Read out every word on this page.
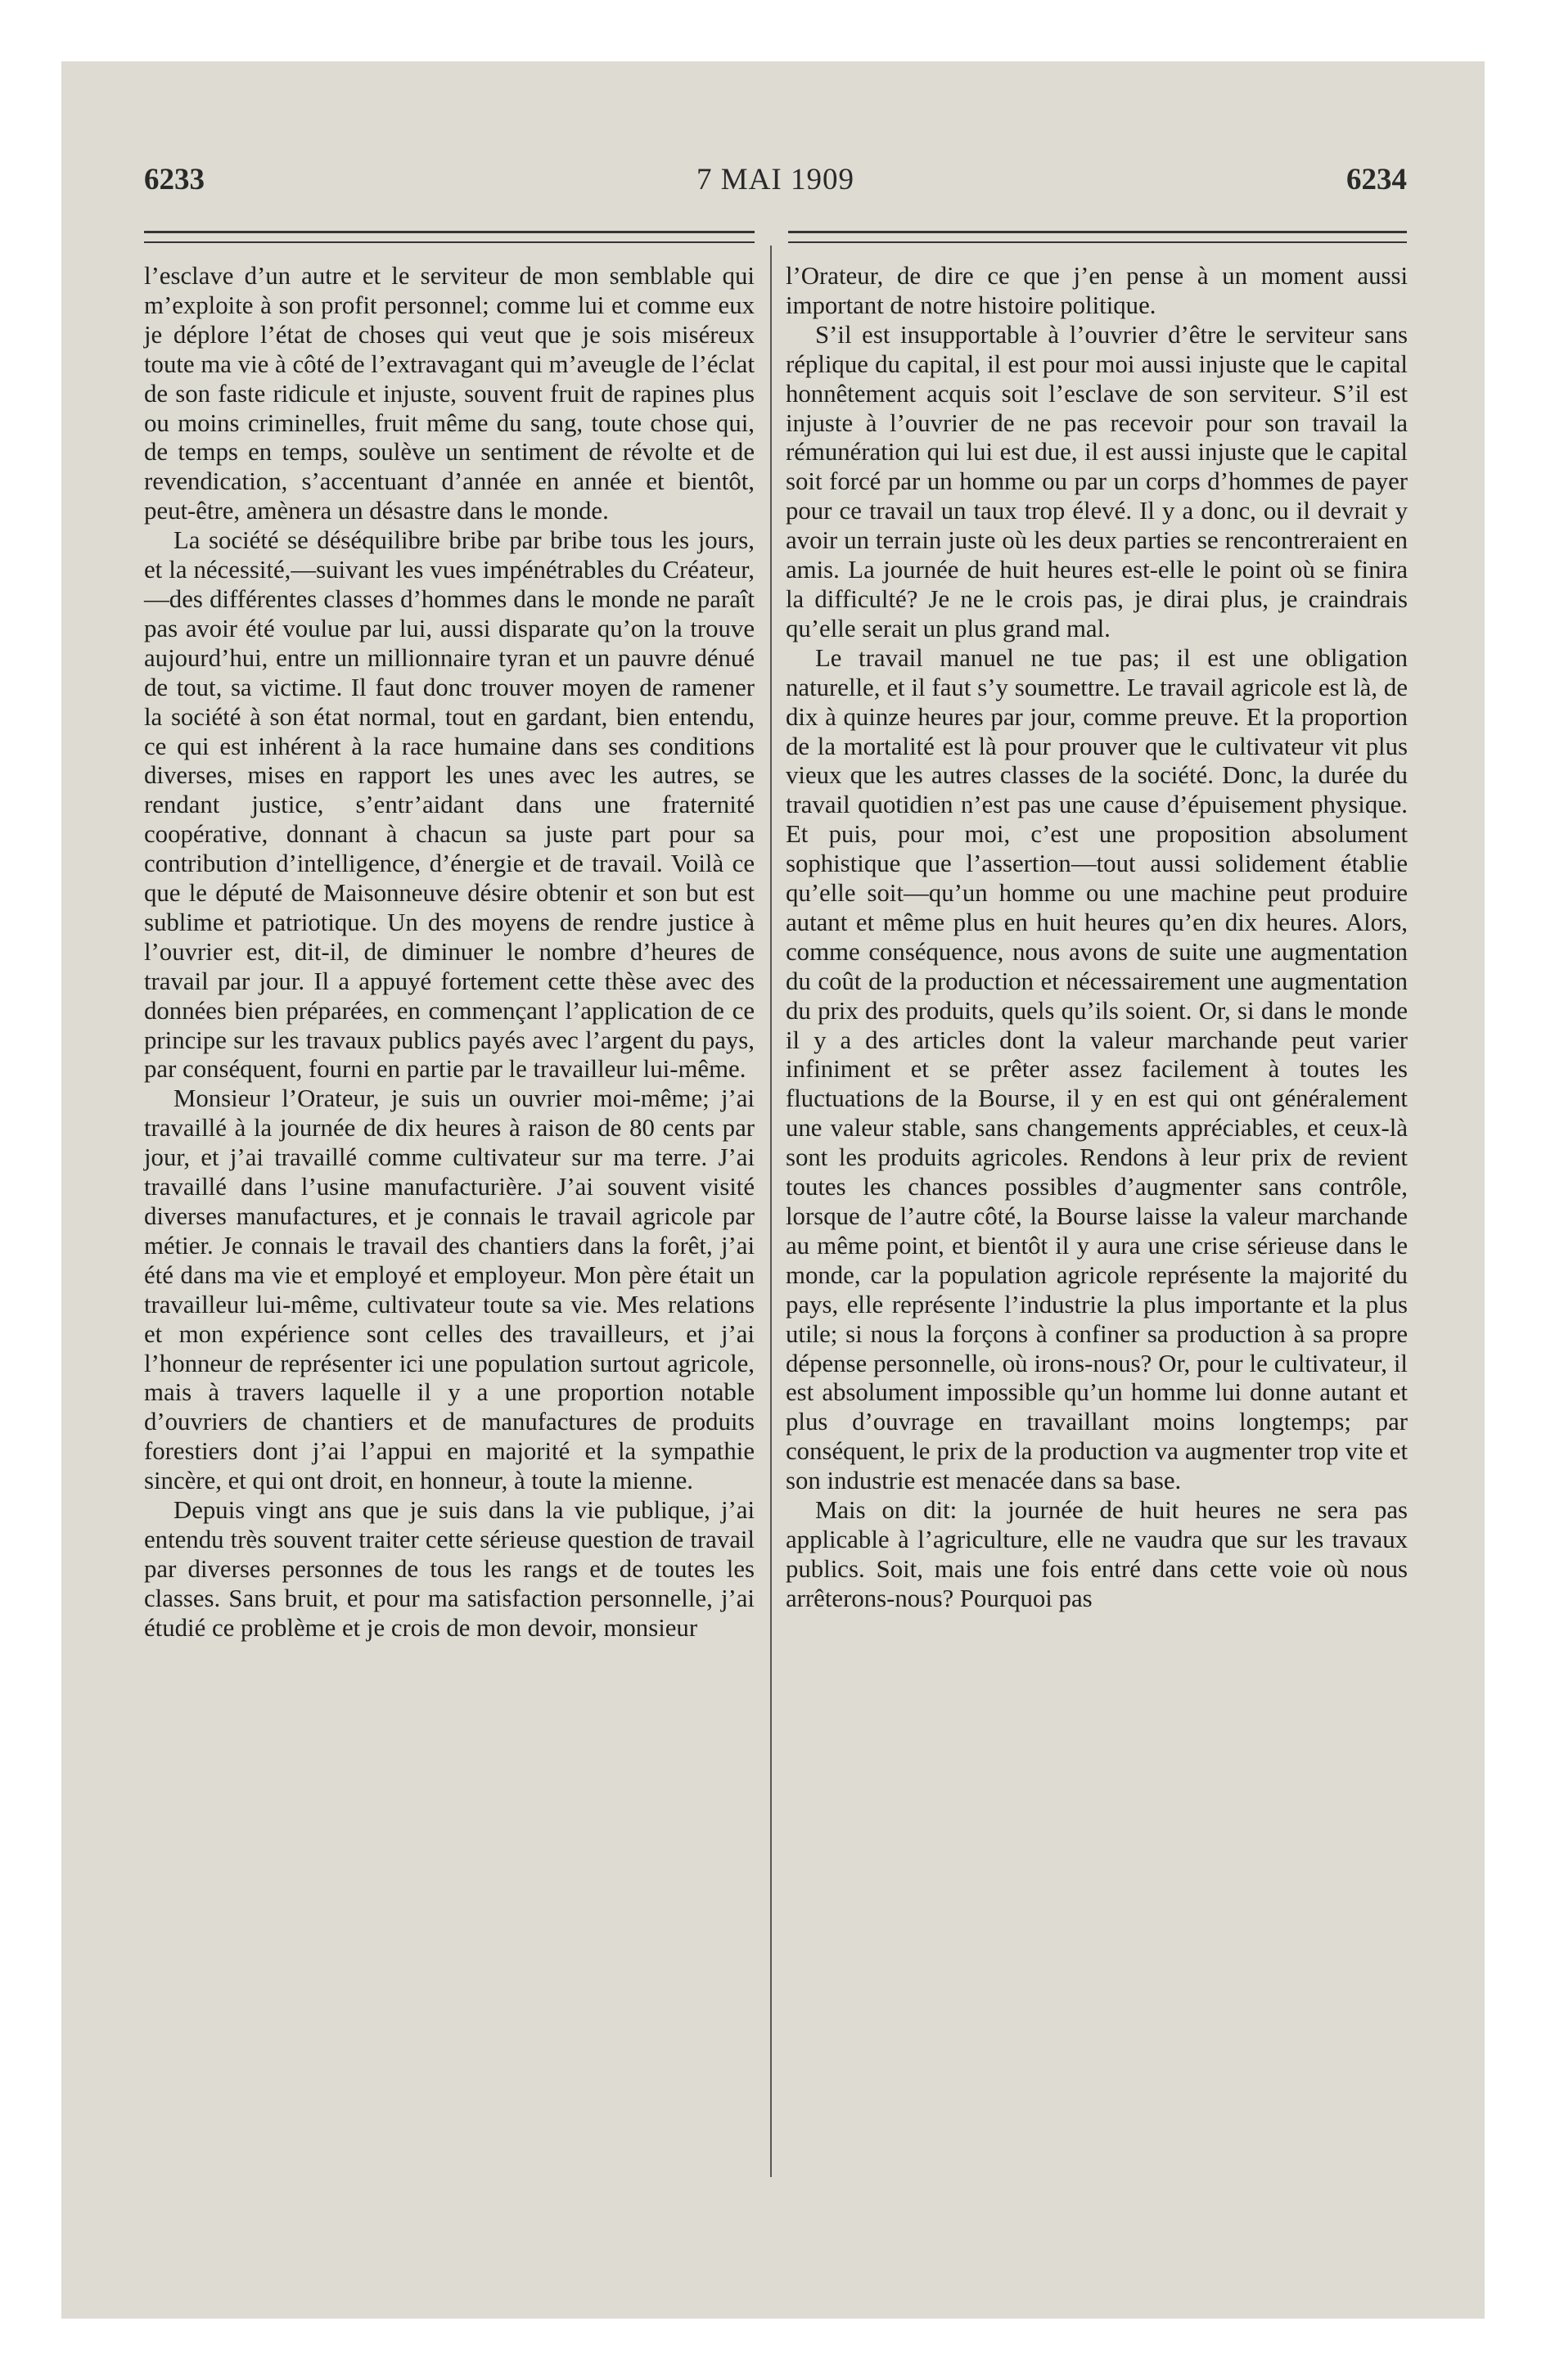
6233	7 MAI 1909	6234

l’esclave d’un autre et le serviteur de mon semblable qui m’exploite à son profit personnel; comme lui et comme eux je déplore l’état de choses qui veut que je sois miséreux toute ma vie à côté de l’extravagant qui m’aveugle de l’éclat de son faste ridicule et injuste, souvent fruit de rapines plus ou moins criminelles, fruit même du sang, toute chose qui, de temps en temps, soulève un sentiment de révolte et de revendication, s’accentuant d’année en année et bientôt, peut-être, amènera un désastre dans le monde.

La société se déséquilibre bribe par bribe tous les jours, et la nécessité,—suivant les vues impénétrables du Créateur,—des différentes classes d’hommes dans le monde ne paraît pas avoir été voulue par lui, aussi disparate qu’on la trouve aujourd’hui, entre un millionnaire tyran et un pauvre dénué de tout, sa victime. Il faut donc trouver moyen de ramener la société à son état normal, tout en gardant, bien entendu, ce qui est inhérent à la race humaine dans ses conditions diverses, mises en rapport les unes avec les autres, se rendant justice, s’entr’aidant dans une fraternité coopérative, donnant à chacun sa juste part pour sa contribution d’intelligence, d’énergie et de travail. Voilà ce que le député de Maisonneuve désire obtenir et son but est sublime et patriotique. Un des moyens de rendre justice à l’ouvrier est, dit-il, de diminuer le nombre d’heures de travail par jour. Il a appuyé fortement cette thèse avec des données bien préparées, en commençant l’application de ce principe sur les travaux publics payés avec l’argent du pays, par conséquent, fourni en partie par le travailleur lui-même.

Monsieur l’Orateur, je suis un ouvrier moi-même; j’ai travaillé à la journée de dix heures à raison de 80 cents par jour, et j’ai travaillé comme cultivateur sur ma terre. J’ai travaillé dans l’usine manufacturière. J’ai souvent visité diverses manufactures, et je connais le travail agricole par métier. Je connais le travail des chantiers dans la forêt, j’ai été dans ma vie et employé et employeur. Mon père était un travailleur lui-même, cultivateur toute sa vie. Mes relations et mon expérience sont celles des travailleurs, et j’ai l’honneur de représenter ici une population surtout agricole, mais à travers laquelle il y a une proportion notable d’ouvriers de chantiers et de manufactures de produits forestiers dont j’ai l’appui en majorité et la sympathie sincère, et qui ont droit, en honneur, à toute la mienne.

Depuis vingt ans que je suis dans la vie publique, j’ai entendu très souvent traiter cette sérieuse question de travail par diverses personnes de tous les rangs et de toutes les classes. Sans bruit, et pour ma satisfaction personnelle, j’ai étudié ce problème et je crois de mon devoir, monsieur

l’Orateur, de dire ce que j’en pense à un moment aussi important de notre histoire politique.

S’il est insupportable à l’ouvrier d’être le serviteur sans réplique du capital, il est pour moi aussi injuste que le capital honnêtement acquis soit l’esclave de son serviteur. S’il est injuste à l’ouvrier de ne pas recevoir pour son travail la rémunération qui lui est due, il est aussi injuste que le capital soit forcé par un homme ou par un corps d’hommes de payer pour ce travail un taux trop élevé. Il y a donc, ou il devrait y avoir un terrain juste où les deux parties se rencontreraient en amis. La journée de huit heures est-elle le point où se finira la difficulté? Je ne le crois pas, je dirai plus, je craindrais qu’elle serait un plus grand mal.

Le travail manuel ne tue pas; il est une obligation naturelle, et il faut s’y soumettre. Le travail agricole est là, de dix à quinze heures par jour, comme preuve. Et la proportion de la mortalité est là pour prouver que le cultivateur vit plus vieux que les autres classes de la société. Donc, la durée du travail quotidien n’est pas une cause d’épuisement physique. Et puis, pour moi, c’est une proposition absolument sophistique que l’assertion—tout aussi solidement établie qu’elle soit—qu’un homme ou une machine peut produire autant et même plus en huit heures qu’en dix heures. Alors, comme conséquence, nous avons de suite une augmentation du coût de la production et nécessairement une augmentation du prix des produits, quels qu’ils soient. Or, si dans le monde il y a des articles dont la valeur marchande peut varier infiniment et se prêter assez facilement à toutes les fluctuations de la Bourse, il y en est qui ont généralement une valeur stable, sans changements appréciables, et ceux-là sont les produits agricoles. Rendons à leur prix de revient toutes les chances possibles d’augmenter sans contrôle, lorsque de l’autre côté, la Bourse laisse la valeur marchande au même point, et bientôt il y aura une crise sérieuse dans le monde, car la population agricole représente la majorité du pays, elle représente l’industrie la plus importante et la plus utile; si nous la forçons à confiner sa production à sa propre dépense personnelle, où irons-nous? Or, pour le cultivateur, il est absolument impossible qu’un homme lui donne autant et plus d’ouvrage en travaillant moins longtemps; par conséquent, le prix de la production va augmenter trop vite et son industrie est menacée dans sa base.

Mais on dit: la journée de huit heures ne sera pas applicable à l’agriculture, elle ne vaudra que sur les travaux publics. Soit, mais une fois entré dans cette voie où nous arrêterons-nous? Pourquoi pas
